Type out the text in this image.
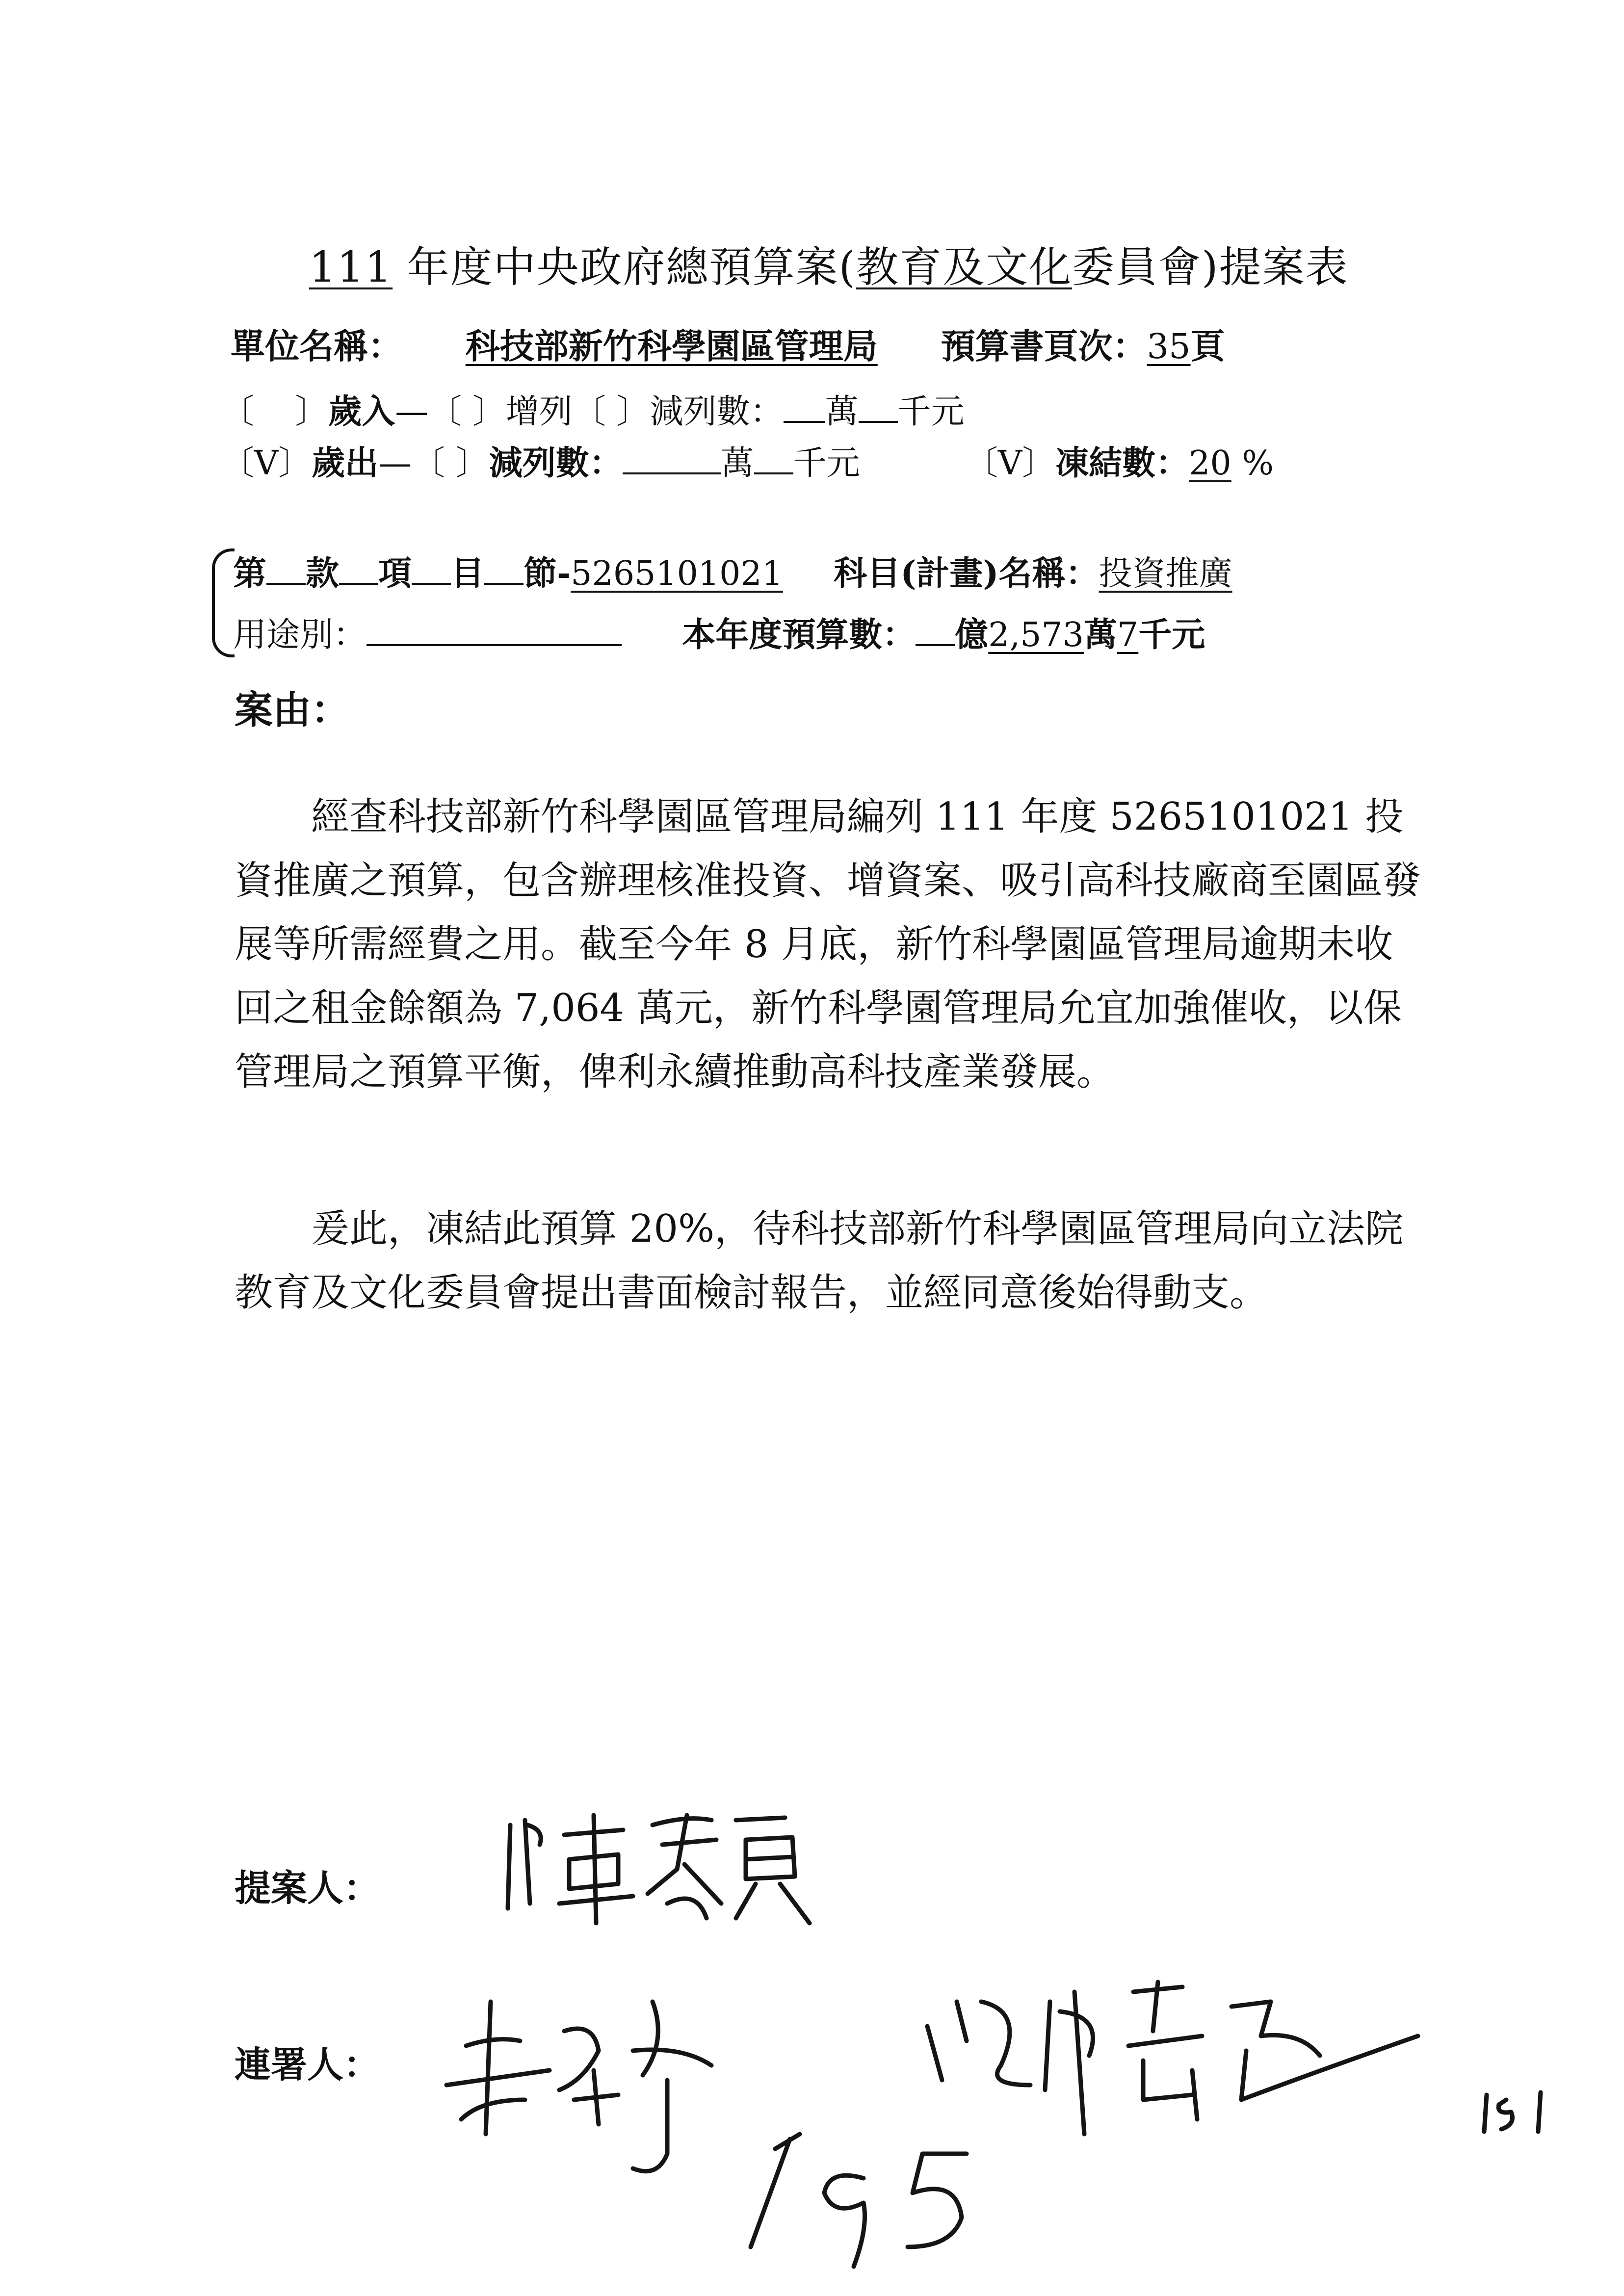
111 年度中央政府總預算案(教育及文化委員會)提案表
單位名稱： 科技部新竹科學園區管理局 預算書頁次：35頁
〔 〕歲入—〔 〕增列〔 〕減列數： 萬 千元
〔V〕歲出—〔 〕減列數：	萬 千元	〔V〕凍結數：20 %
第 款 項 目 節-5265101021 科目(計畫)名稱：投資推廣
用途別：	本年度預算數： 億2,573萬7千元
案由：
經查科技部新竹科學園區管理局編列 111 年度 5265101021 投資推廣之預算，包含辦理核准投資、增資案、吸引高科技廠商至園區發展等所需經費之用。截至今年 8 月底，新竹科學園區管理局逾期未收回之租金餘額為 7,064 萬元，新竹科學園管理局允宜加強催收，以保管理局之預算平衡，俾利永續推動高科技產業發展。
爰此，凍結此預算 20%，待科技部新竹科學園區管理局向立法院教育及文化委員會提出書面檢討報告，並經同意後始得動支。
提案人：
連署人：
